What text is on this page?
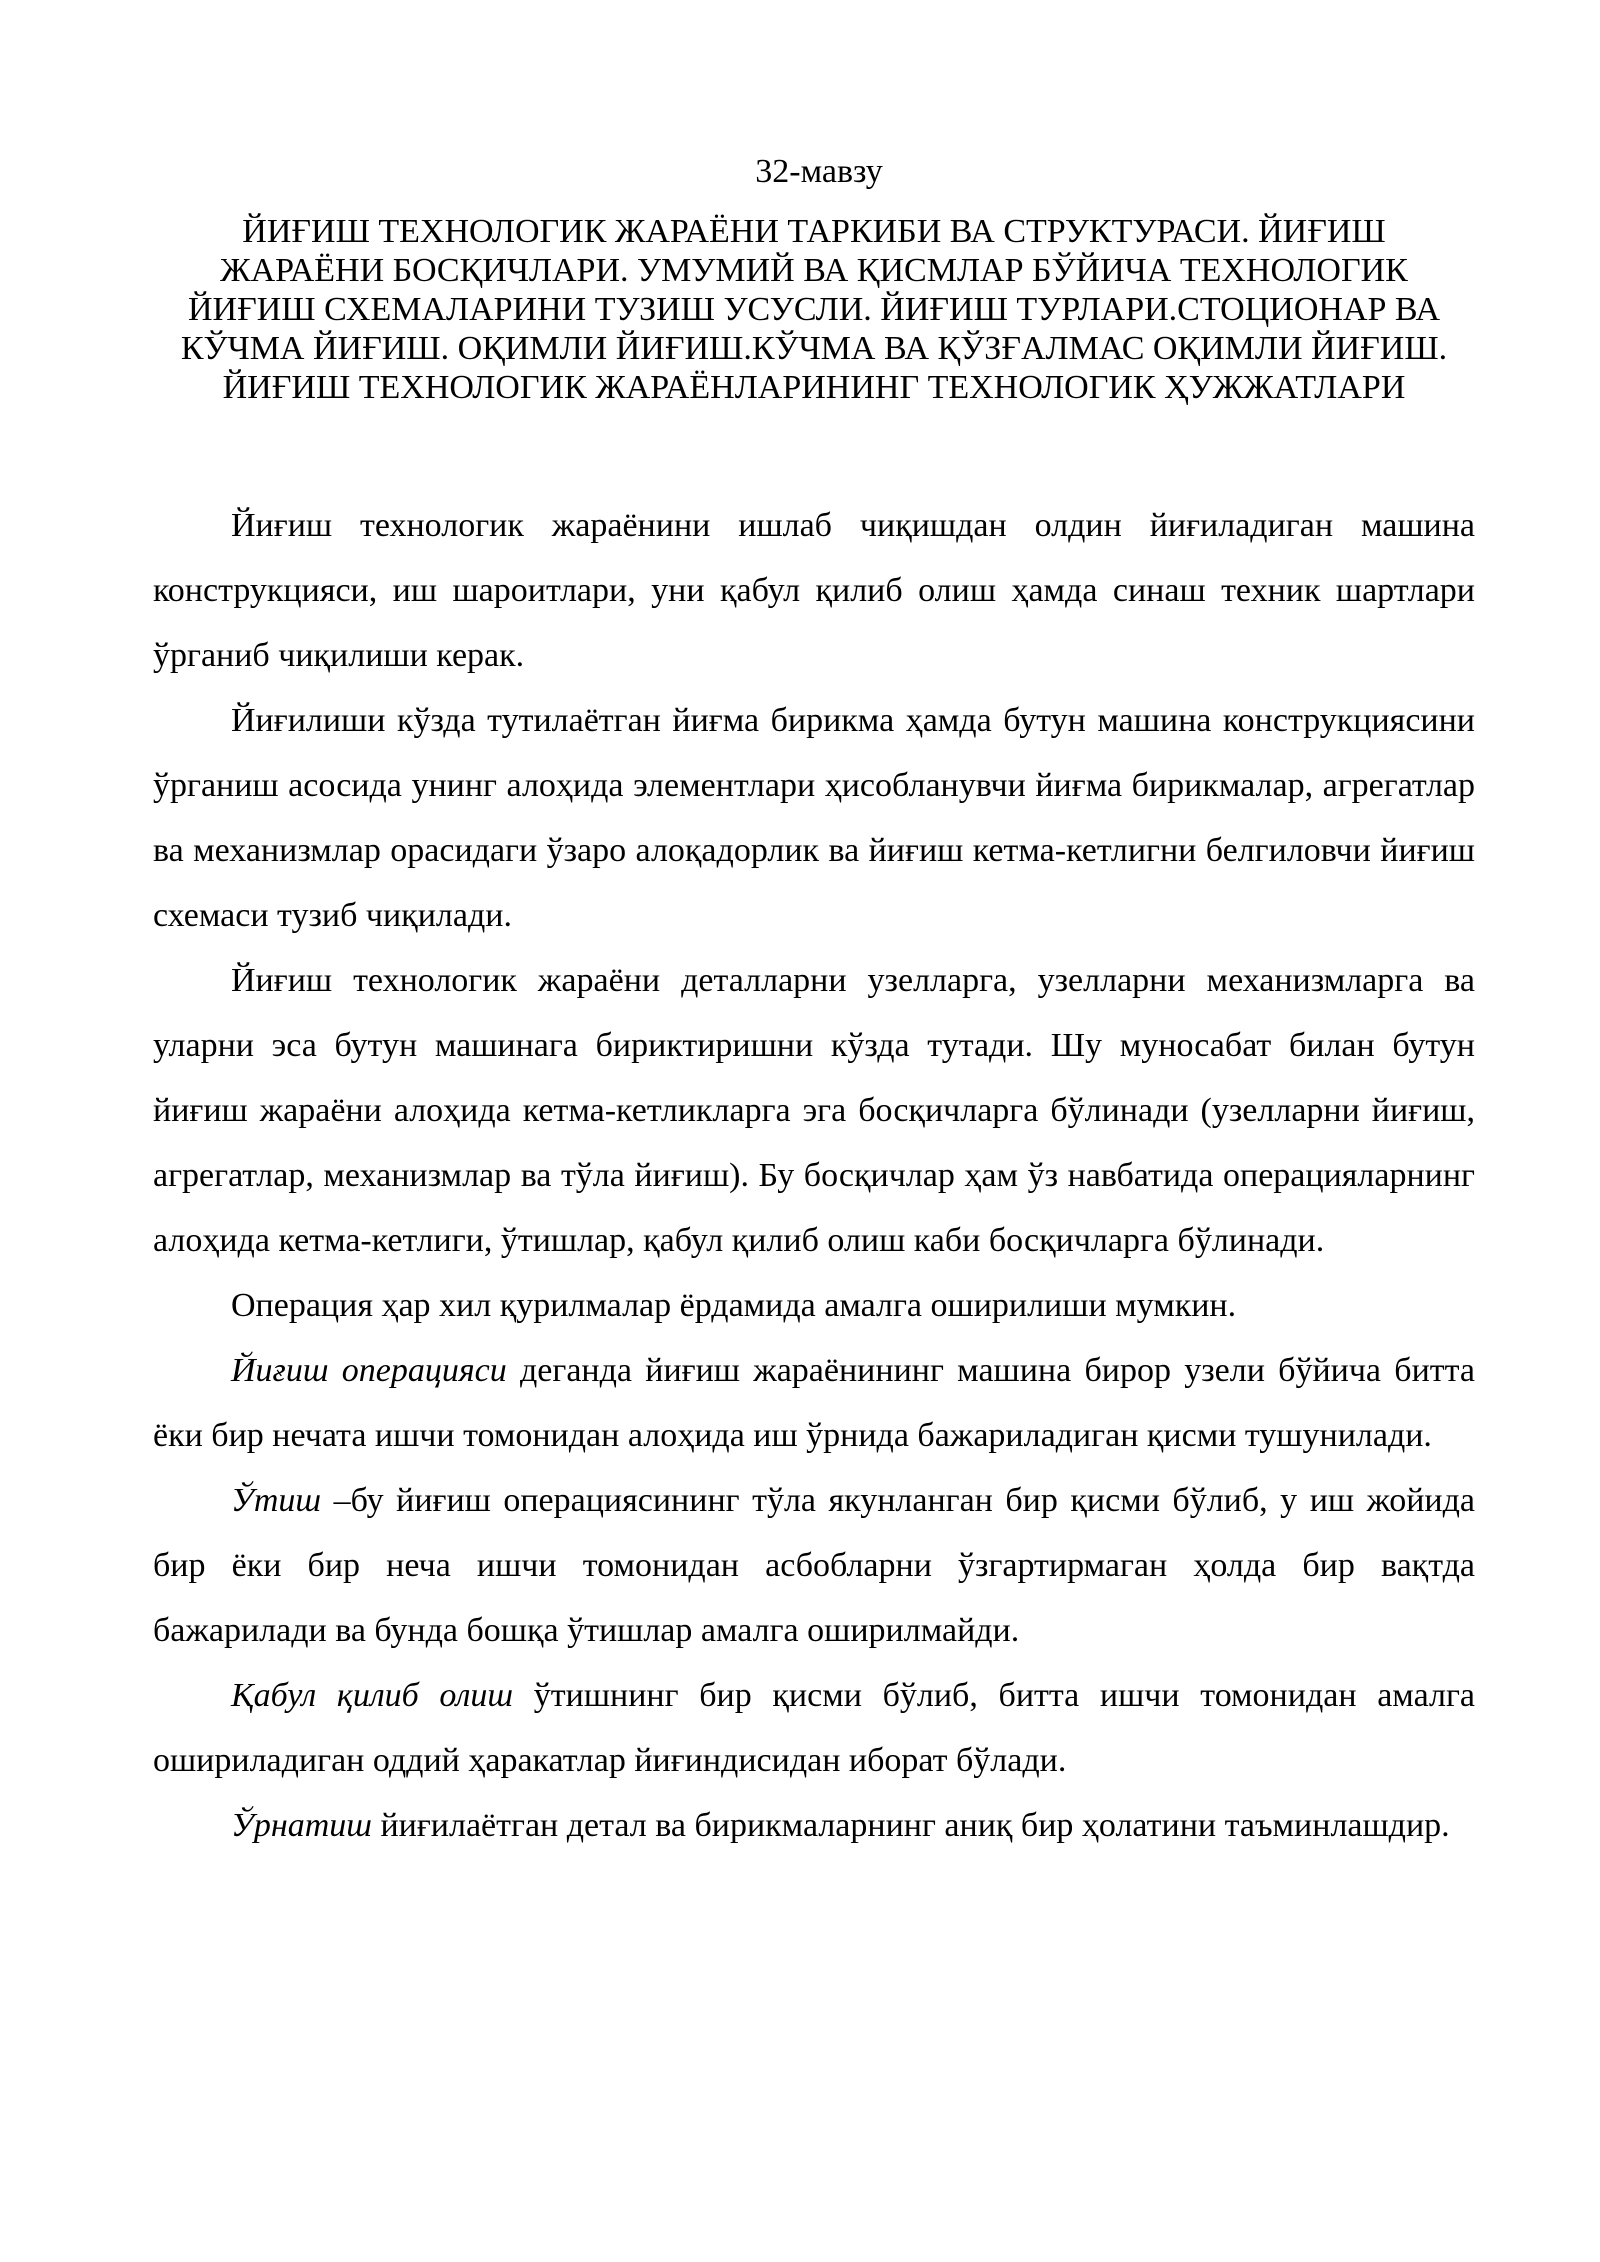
32-мавзу
ЙИҒИШ ТЕХНОЛОГИК ЖАРАЁНИ ТАРКИБИ ВА СТРУКТУРАСИ. ЙИҒИШ ЖАРАЁНИ БОСҚИЧЛАРИ. УМУМИЙ ВА ҚИСМЛАР БЎЙИЧА ТЕХНОЛОГИК ЙИҒИШ СХЕМАЛАРИНИ ТУЗИШ УСУСЛИ. ЙИҒИШ ТУРЛАРИ.СТОЦИОНАР ВА КЎЧМА ЙИҒИШ. ОҚИМЛИ ЙИҒИШ.КЎЧМА ВА ҚЎЗҒАЛМАС ОҚИМЛИ ЙИҒИШ. ЙИҒИШ ТЕХНОЛОГИК ЖАРАЁНЛАРИНИНГ ТЕХНОЛОГИК ҲУЖЖАТЛАРИ

Йиғиш технологик жараёнини ишлаб чиқишдан олдин йиғиладиган машина конструкцияси, иш шароитлари, уни қабул қилиб олиш ҳамда синаш техник шартлари ўрганиб чиқилиши керак.

Йиғилиши кўзда тутилаётган йиғма бирикма ҳамда бутун машина конструкциясини ўрганиш асосида унинг алоҳида элементлари ҳисобланувчи йиғма бирикмалар, агрегатлар ва механизмлар орасидаги ўзаро алоқадорлик ва йиғиш кетма-кетлигни белгиловчи йиғиш схемаси тузиб чиқилади.

Йиғиш технологик жараёни деталларни узелларга, узелларни механизмларга ва уларни эса бутун машинага бириктиришни кўзда тутади. Шу муносабат билан бутун йиғиш жараёни алоҳида кетма-кетликларга эга босқичларга бўлинади (узелларни йиғиш, агрегатлар, механизмлар ва тўла йиғиш). Бу босқичлар ҳам ўз навбатида операцияларнинг алоҳида кетма-кетлиги, ўтишлар, қабул қилиб олиш каби босқичларга бўлинади.

Операция ҳар хил қурилмалар ёрдамида амалга оширилиши мумкин.

Йиғиш операцияси деганда йиғиш жараёнининг машина бирор узели бўйича битта ёки бир нечата ишчи томонидан алоҳида иш ўрнида бажариладиган қисми тушунилади.

Ўтиш –бу йиғиш операциясининг тўла якунланган бир қисми бўлиб, у иш жойида бир ёки бир неча ишчи томонидан асбобларни ўзгартирмаган ҳолда бир вақтда бажарилади ва бунда бошқа ўтишлар амалга оширилмайди.

Қабул қилиб олиш ўтишнинг бир қисми бўлиб, битта ишчи томонидан амалга ошириладиган оддий ҳаракатлар йиғиндисидан иборат бўлади.

Ўрнатиш йиғилаётган детал ва бирикмаларнинг аниқ бир ҳолатини таъминлашдир.
